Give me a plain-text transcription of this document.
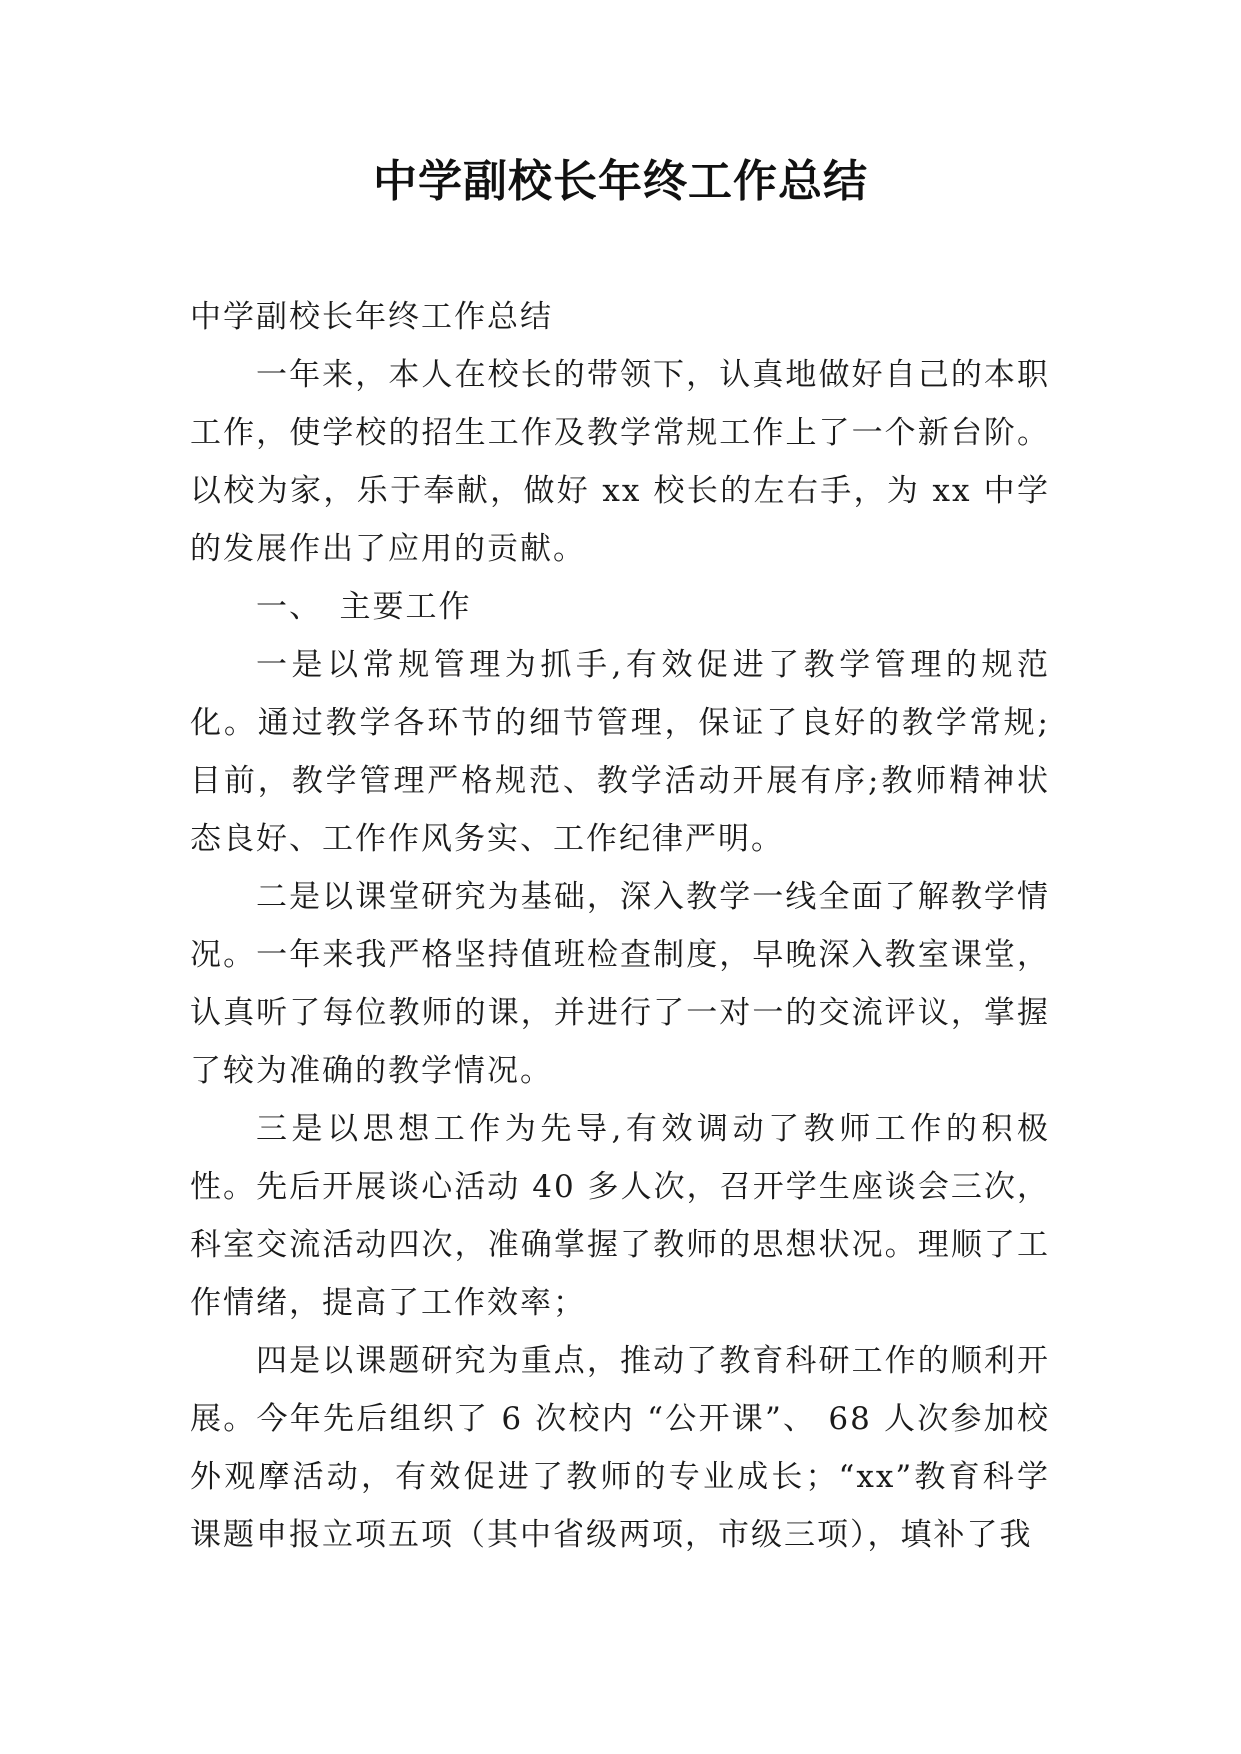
中学副校长年终工作总结

中学副校长年终工作总结

一年来，本人在校长的带领下，认真地做好自己的本职工作，使学校的招生工作及教学常规工作上了一个新台阶。以校为家，乐于奉献，做好 xx 校长的左右手，为 xx 中学的发展作出了应用的贡献。

一、　主要工作

一是以常规管理为抓手,有效促进了教学管理的规范化。通过教学各环节的细节管理，保证了良好的教学常规;目前，教学管理严格规范、教学活动开展有序;教师精神状态良好、工作作风务实、工作纪律严明。

二是以课堂研究为基础，深入教学一线全面了解教学情况。一年来我严格坚持值班检查制度，早晚深入教室课堂，认真听了每位教师的课，并进行了一对一的交流评议，掌握了较为准确的教学情况。

三是以思想工作为先导,有效调动了教师工作的积极性。先后开展谈心活动 40 多人次，召开学生座谈会三次，科室交流活动四次，准确掌握了教师的思想状况。理顺了工作情绪，提高了工作效率；

四是以课题研究为重点，推动了教育科研工作的顺利开展。今年先后组织了 6 次校内 “公开课”、 68 人次参加校外观摩活动，有效促进了教师的专业成长；“xx”教育科学课题申报立项五项（其中省级两项，市级三项），填补了我
